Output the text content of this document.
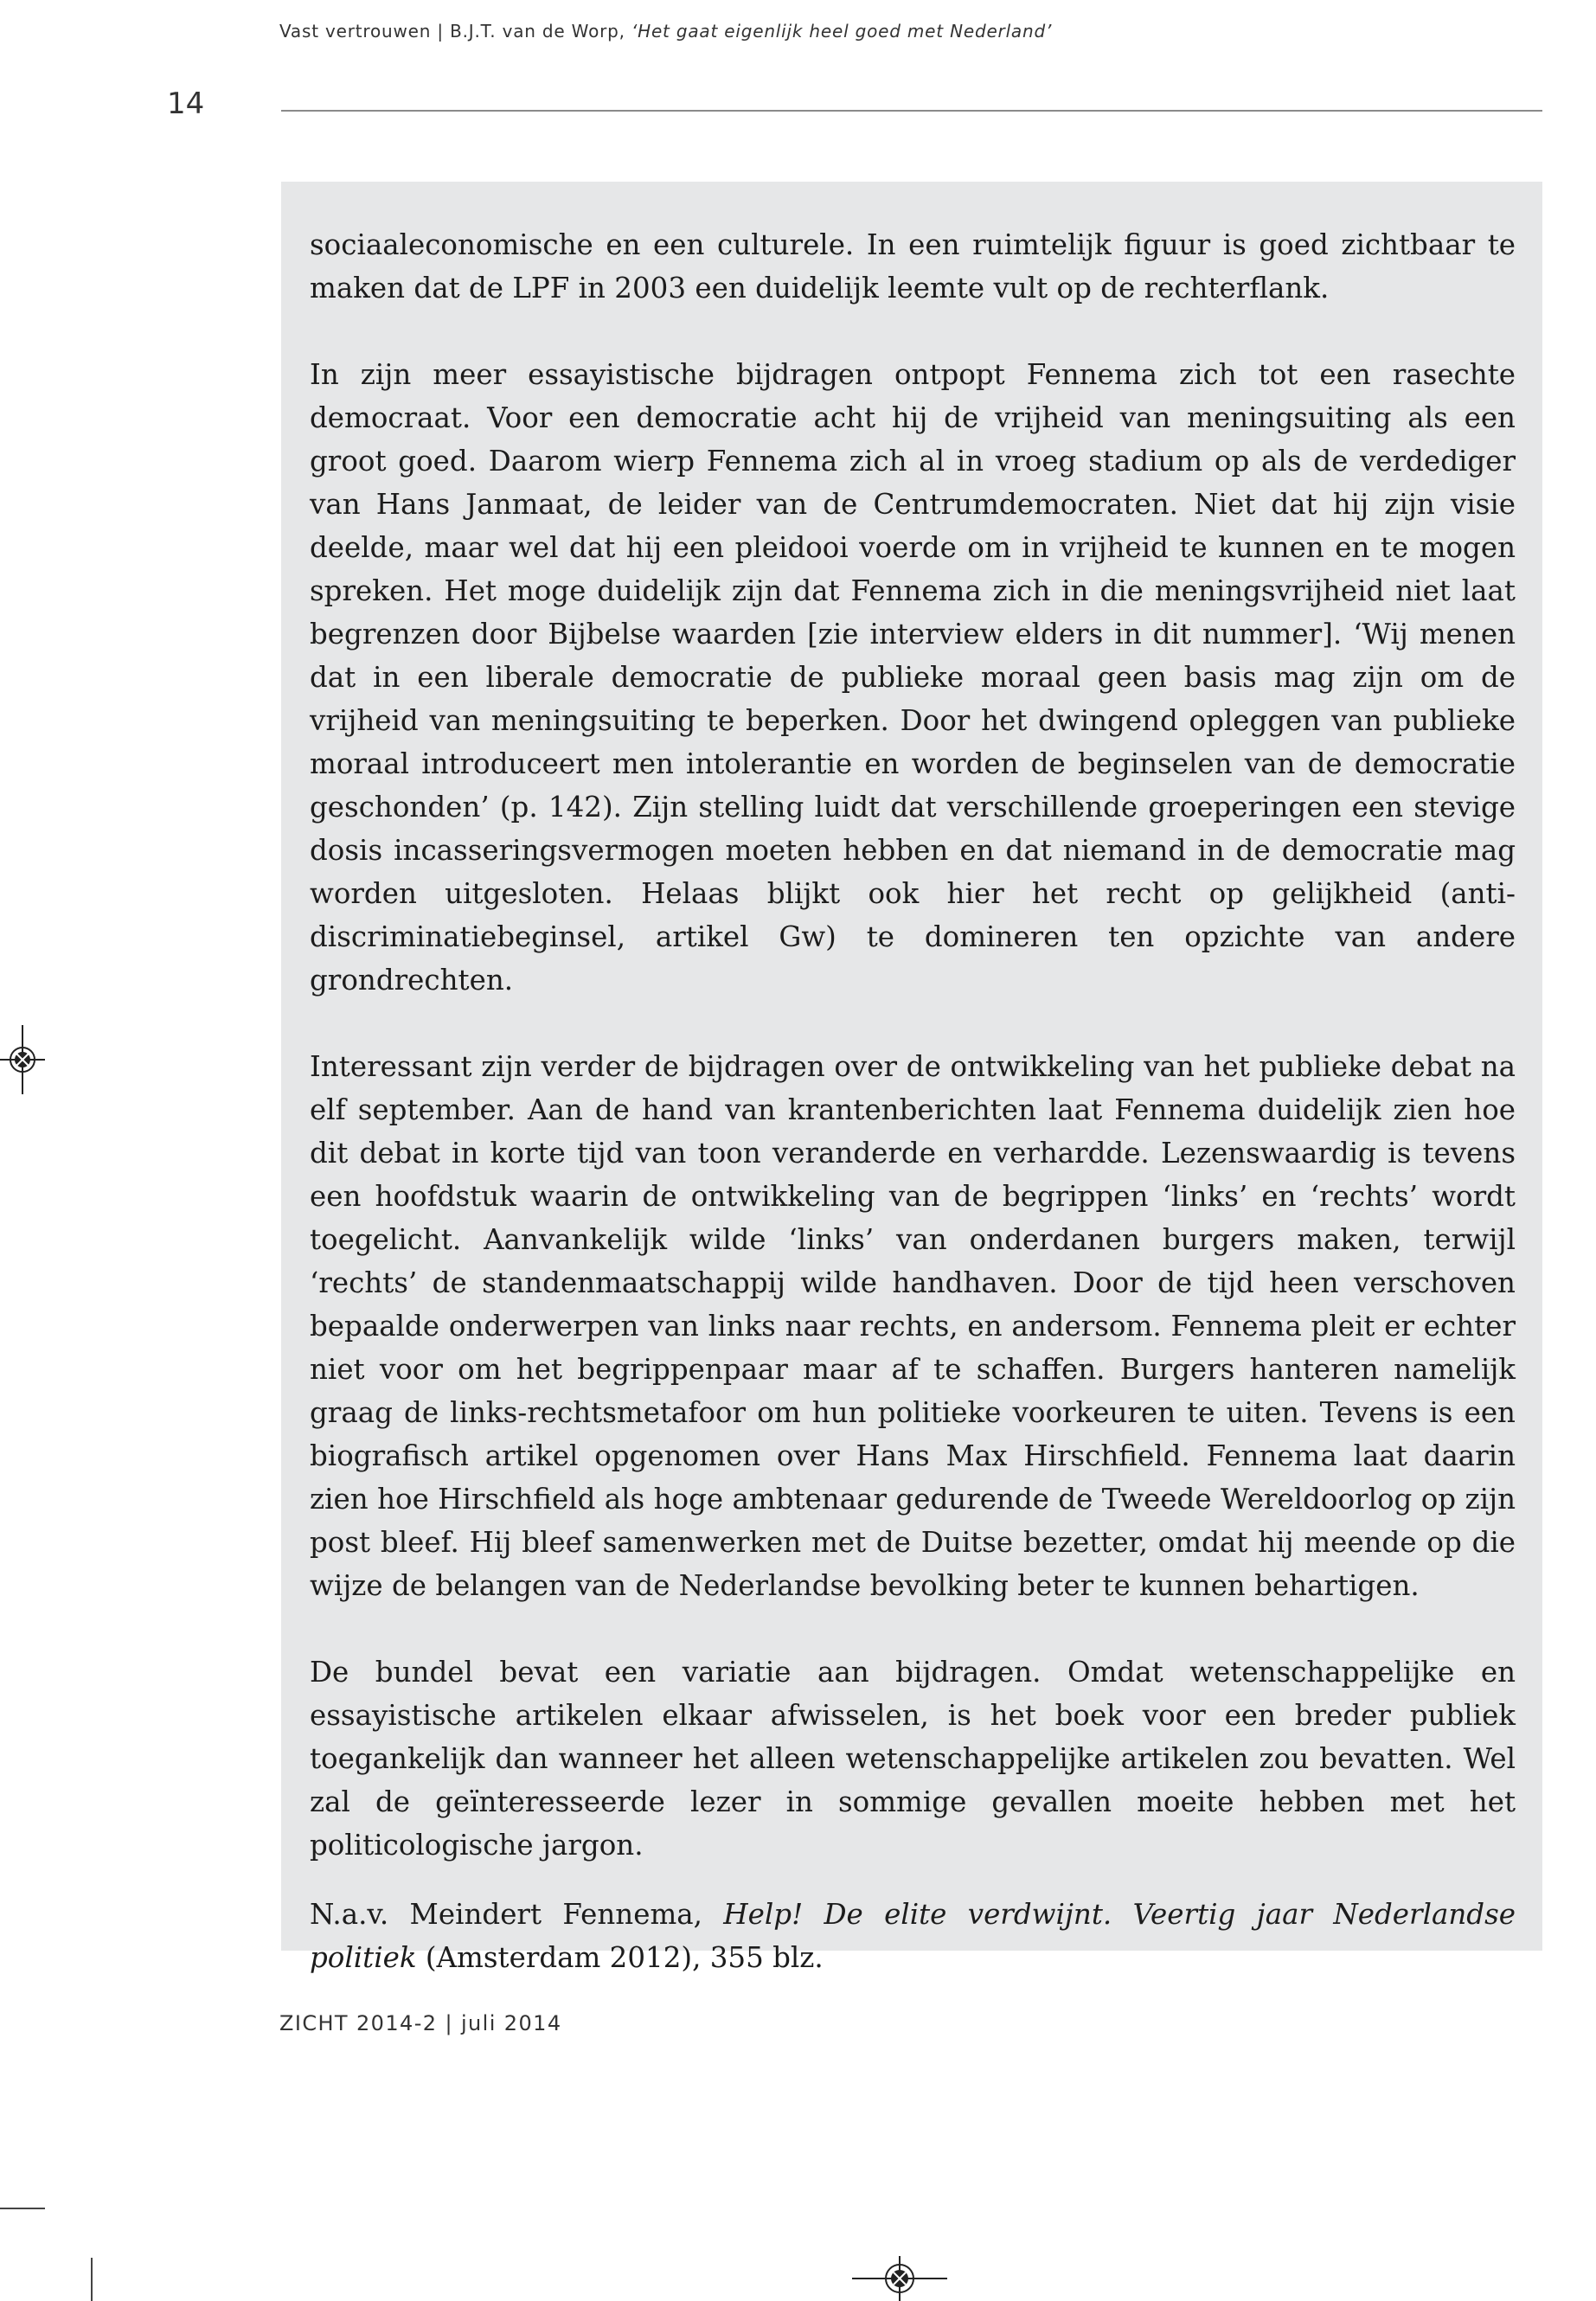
Vast vertrouwen | B.J.T. van de Worp, ‘Het gaat eigenlijk heel goed met Nederland’
14

sociaaleconomische en een culturele. In een ruimtelijk figuur is goed zichtbaar te maken dat de LPF in 2003 een duidelijk leemte vult op de rechterflank.

In zijn meer essayistische bijdragen ontpopt Fennema zich tot een rasechte democraat. Voor een democratie acht hij de vrijheid van meningsuiting als een groot goed. Daarom wierp Fennema zich al in vroeg stadium op als de verdediger van Hans Janmaat, de leider van de Centrumdemocraten. Niet dat hij zijn visie deelde, maar wel dat hij een pleidooi voerde om in vrijheid te kunnen en te mogen spreken. Het moge duidelijk zijn dat Fennema zich in die meningsvrijheid niet laat begrenzen door Bijbelse waarden [zie interview elders in dit nummer]. ‘Wij menen dat in een liberale democratie de publieke moraal geen basis mag zijn om de vrijheid van meningsuiting te beperken. Door het dwingend opleggen van publieke moraal introduceert men intolerantie en worden de beginselen van de democratie geschonden’ (p. 142). Zijn stelling luidt dat verschillende groeperingen een stevige dosis incasseringsvermogen moeten hebben en dat niemand in de democratie mag worden uitgesloten. Helaas blijkt ook hier het recht op gelijkheid (anti-discriminatiebeginsel, artikel Gw) te domineren ten opzichte van andere grondrechten.

Interessant zijn verder de bijdragen over de ontwikkeling van het publieke debat na elf september. Aan de hand van krantenberichten laat Fennema duidelijk zien hoe dit debat in korte tijd van toon veranderde en verhardde. Lezenswaardig is tevens een hoofdstuk waarin de ontwikkeling van de begrippen ‘links’ en ‘rechts’ wordt toegelicht. Aanvankelijk wilde ‘links’ van onderdanen burgers maken, terwijl ‘rechts’ de standenmaatschappij wilde handhaven. Door de tijd heen verschoven bepaalde onderwerpen van links naar rechts, en andersom. Fennema pleit er echter niet voor om het begrippenpaar maar af te schaffen. Burgers hanteren namelijk graag de links-rechtsmetafoor om hun politieke voorkeuren te uiten. Tevens is een biografisch artikel opgenomen over Hans Max Hirschfield. Fennema laat daarin zien hoe Hirschfield als hoge ambtenaar gedurende de Tweede Wereldoorlog op zijn post bleef. Hij bleef samenwerken met de Duitse bezetter, omdat hij meende op die wijze de belangen van de Nederlandse bevolking beter te kunnen behartigen.

De bundel bevat een variatie aan bijdragen. Omdat wetenschappelijke en essayistische artikelen elkaar afwisselen, is het boek voor een breder publiek toegankelijk dan wanneer het alleen wetenschappelijke artikelen zou bevatten. Wel zal de geïnteresseerde lezer in sommige gevallen moeite hebben met het politicologische jargon.

N.a.v. Meindert Fennema, Help! De elite verdwijnt. Veertig jaar Nederlandse politiek (Amsterdam 2012), 355 blz.

ZICHT 2014-2 | juli 2014
